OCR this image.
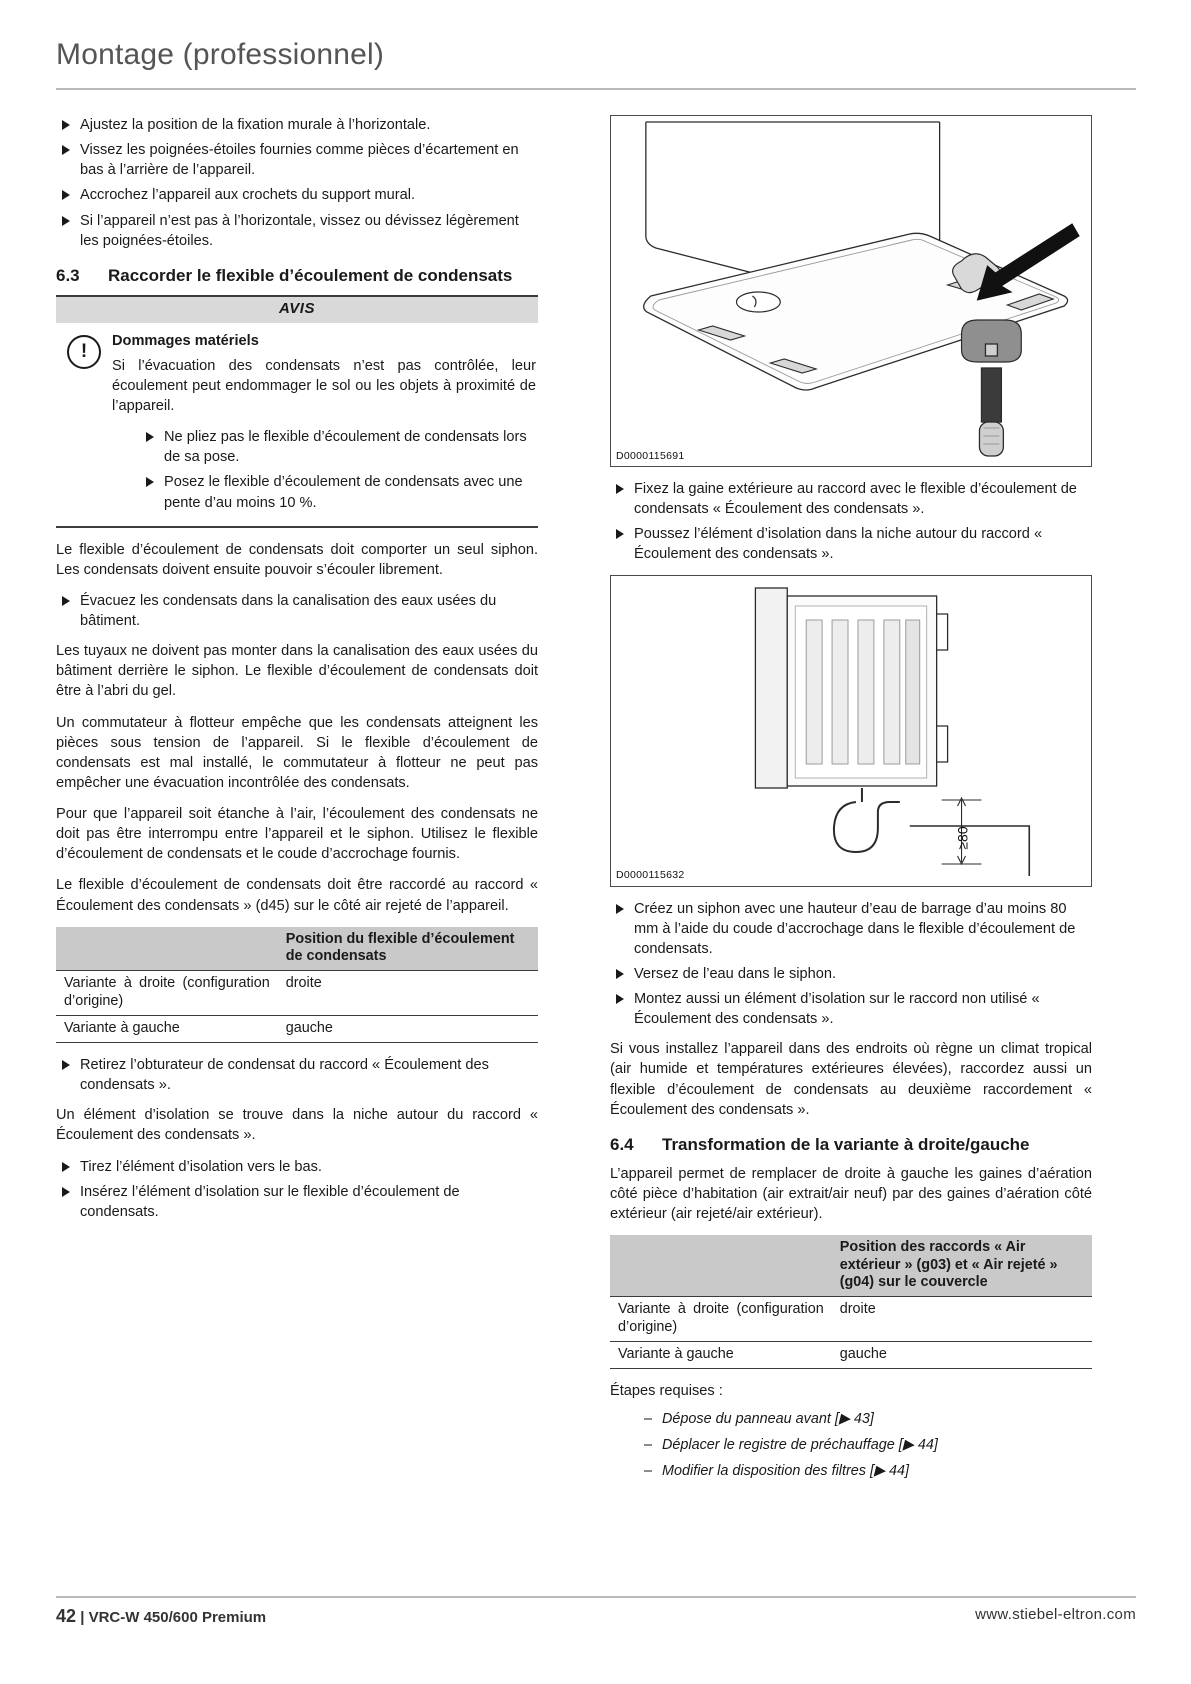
Montage (professionnel)
Ajustez la position de la fixation murale à l’horizontale.
Vissez les poignées-étoiles fournies comme pièces d’écartement en bas à l’arrière de l’appareil.
Accrochez l’appareil aux crochets du support mural.
Si l’appareil n’est pas à l’horizontale, vissez ou dévissez légèrement les poignées-étoiles.
6.3	Raccorder le flexible d’écoulement de condensats
AVIS
!
Dommages matériels

Si l’évacuation des condensats n’est pas contrôlée, leur écoulement peut endommager le sol ou les objets à proximité de l’appareil.

Ne pliez pas le flexible d’écoulement de condensats lors de sa pose.
Posez le flexible d’écoulement de condensats avec une pente d’au moins 10 %.

Le flexible d’écoulement de condensats doit comporter un seul siphon. Les condensats doivent ensuite pouvoir s’écouler librement.

Évacuez les condensats dans la canalisation des eaux usées du bâtiment.

Les tuyaux ne doivent pas monter dans la canalisation des eaux usées du bâtiment derrière le siphon. Le flexible d’écoulement de condensats doit être à l’abri du gel.

Un commutateur à flotteur empêche que les condensats atteignent les pièces sous tension de l’appareil. Si le flexible d’écoulement de condensats est mal installé, le commutateur à flotteur ne peut pas empêcher une évacuation incontrôlée des condensats.

Pour que l’appareil soit étanche à l’air, l’écoulement des condensats ne doit pas être interrompu entre l’appareil et le siphon. Utilisez le flexible d’écoulement de condensats et le coude d’accrochage fournis.

Le flexible d’écoulement de condensats doit être raccordé au raccord « Écoulement des condensats » (d45) sur le côté air rejeté de l’appareil.

	Position du flexible d’écoulement de condensats
Variante à droite (configuration d’origine)	droite
Variante à gauche	gauche
Retirez l’obturateur de condensat du raccord « Écoulement des condensats ».

Un élément d’isolation se trouve dans la niche autour du raccord « Écoulement des condensats ».

Tirez l’élément d’isolation vers le bas.
Insérez l’élément d’isolation sur le flexible d’écoulement de condensats.
D0000115691
Fixez la gaine extérieure au raccord avec le flexible d’écoulement de condensats « Écoulement des condensats ».
Poussez l’élément d’isolation dans la niche autour du raccord « Écoulement des condensats ».
≥80
D0000115632
Créez un siphon avec une hauteur d’eau de barrage d’au moins 80 mm à l’aide du coude d’accrochage dans le flexible d’écoulement de condensats.
Versez de l’eau dans le siphon.
Montez aussi un élément d’isolation sur le raccord non utilisé « Écoulement des condensats ».

Si vous installez l’appareil dans des endroits où règne un climat tropical (air humide et températures extérieures élevées), raccordez aussi un flexible d’écoulement de condensats au deuxième raccordement « Écoulement des condensats ».

6.4	Transformation de la variante à droite/gauche

L’appareil permet de remplacer de droite à gauche les gaines d’aération côté pièce d’habitation (air extrait/air neuf) par des gaines d’aération côté extérieur (air rejeté/air extérieur).

	Position des raccords « Air extérieur » (g03) et « Air rejeté » (g04) sur le couvercle
Variante à droite (configuration d’origine)	droite
Variante à gauche	gauche

Étapes requises :

– Dépose du panneau avant [▶ 43]
– Déplacer le registre de préchauffage [▶ 44]
– Modifier la disposition des filtres [▶ 44]
42 | VRC-W 450/600 Premium	www.stiebel-eltron.com
